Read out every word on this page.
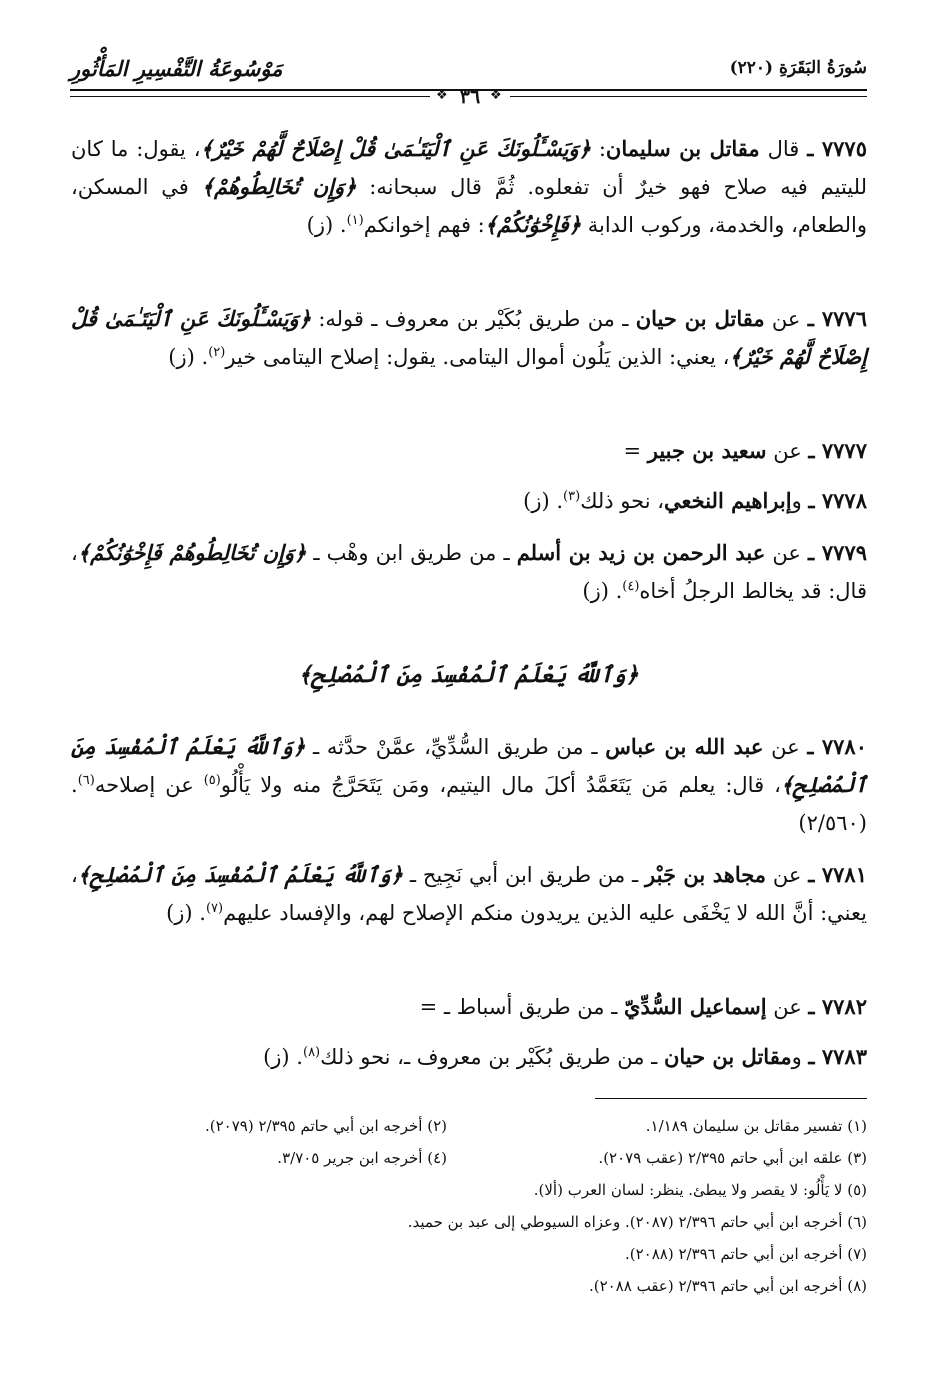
سُورَةُ البَقَرَةِ (٢٢٠)
مَوْسُوعَةُ التَّفْسِيرِ المَأْثُورِ
❖	❖
٣٦
٧٧٧٥ ـ قال مقاتل بن سليمان: ﴿وَيَسْـَٔلُونَكَ عَنِ ٱلْيَتَـٰمَىٰ قُلْ إِصْلَاحٌ لَّهُمْ خَيْرٌ﴾، يقول: ما كان لليتيم فيه صلاح فهو خيرٌ أن تفعلوه. ثُمَّ قال سبحانه: ﴿وَإِن تُخَالِطُوهُمْ﴾ في المسكن، والطعام، والخدمة، وركوب الدابة ﴿فَإِخْوَٰنُكُمْ﴾: فهم إخوانكم$^{(١)}$. (ز)
٧٧٧٦ ـ عن مقاتل بن حيان ـ من طريق بُكَيْر بن معروف ـ قوله: ﴿وَيَسْـَٔلُونَكَ عَنِ ٱلْيَتَـٰمَىٰ قُلْ إِصْلَاحٌ لَّهُمْ خَيْرٌ﴾، يعني: الذين يَلُون أموال اليتامى. يقول: إصلاح اليتامى خير$^{(٢)}$. (ز)
٧٧٧٧ ـ عن سعيد بن جبير =
٧٧٧٨ ـ وإبراهيم النخعي، نحو ذلك$^{(٣)}$. (ز)
٧٧٧٩ ـ عن عبد الرحمن بن زيد بن أسلم ـ من طريق ابن وهْب ـ ﴿وَإِن تُخَالِطُوهُمْ فَإِخْوَٰنُكُمْ﴾، قال: قد يخالط الرجلُ أخاه$^{(٤)}$. (ز)
﴿وَٱللَّهُ يَعْلَمُ ٱلْمُفْسِدَ مِنَ ٱلْمُصْلِحِ﴾
٧٧٨٠ ـ عن عبد الله بن عباس ـ من طريق السُّدِّيِّ، عمَّنْ حدَّثه ـ ﴿وَٱللَّهُ يَعْلَمُ ٱلْمُفْسِدَ مِنَ ٱلْمُصْلِحِ﴾، قال: يعلم مَن يَتَعَمَّدُ أكلَ مال اليتيم، ومَن يَتَحَرَّجُ منه ولا يَأْلُو$^{(٥)}$ عن إصلاحه$^{(٦)}$. (٢/٥٦٠)
٧٧٨١ ـ عن مجاهد بن جَبْر ـ من طريق ابن أبي نَجِيح ـ ﴿وَٱللَّهُ يَعْلَمُ ٱلْمُفْسِدَ مِنَ ٱلْمُصْلِحِ﴾، يعني: أنَّ الله لا يَخْفَى عليه الذين يريدون منكم الإصلاح لهم، والإفساد عليهم$^{(٧)}$. (ز)
٧٧٨٢ ـ عن إسماعيل السُّدِّيّ ـ من طريق أسباط ـ =
٧٧٨٣ ـ ومقاتل بن حيان ـ من طريق بُكَيْر بن معروف ـ، نحو ذلك$^{(٨)}$. (ز)
(١) تفسير مقاتل بن سليمان ١/١٨٩.
(٢) أخرجه ابن أبي حاتم ٢/٣٩٥ (٢٠٧٩).
(٣) علقه ابن أبي حاتم ٢/٣٩٥ (عقب ٢٠٧٩).
(٤) أخرجه ابن جرير ٣/٧٠٥.
(٥) لا يَأْلُو: لا يقصر ولا يبطئ. ينظر: لسان العرب (ألا).
(٦) أخرجه ابن أبي حاتم ٢/٣٩٦ (٢٠٨٧). وعزاه السيوطي إلى عبد بن حميد.
(٧) أخرجه ابن أبي حاتم ٢/٣٩٦ (٢٠٨٨).
(٨) أخرجه ابن أبي حاتم ٢/٣٩٦ (عقب ٢٠٨٨).
